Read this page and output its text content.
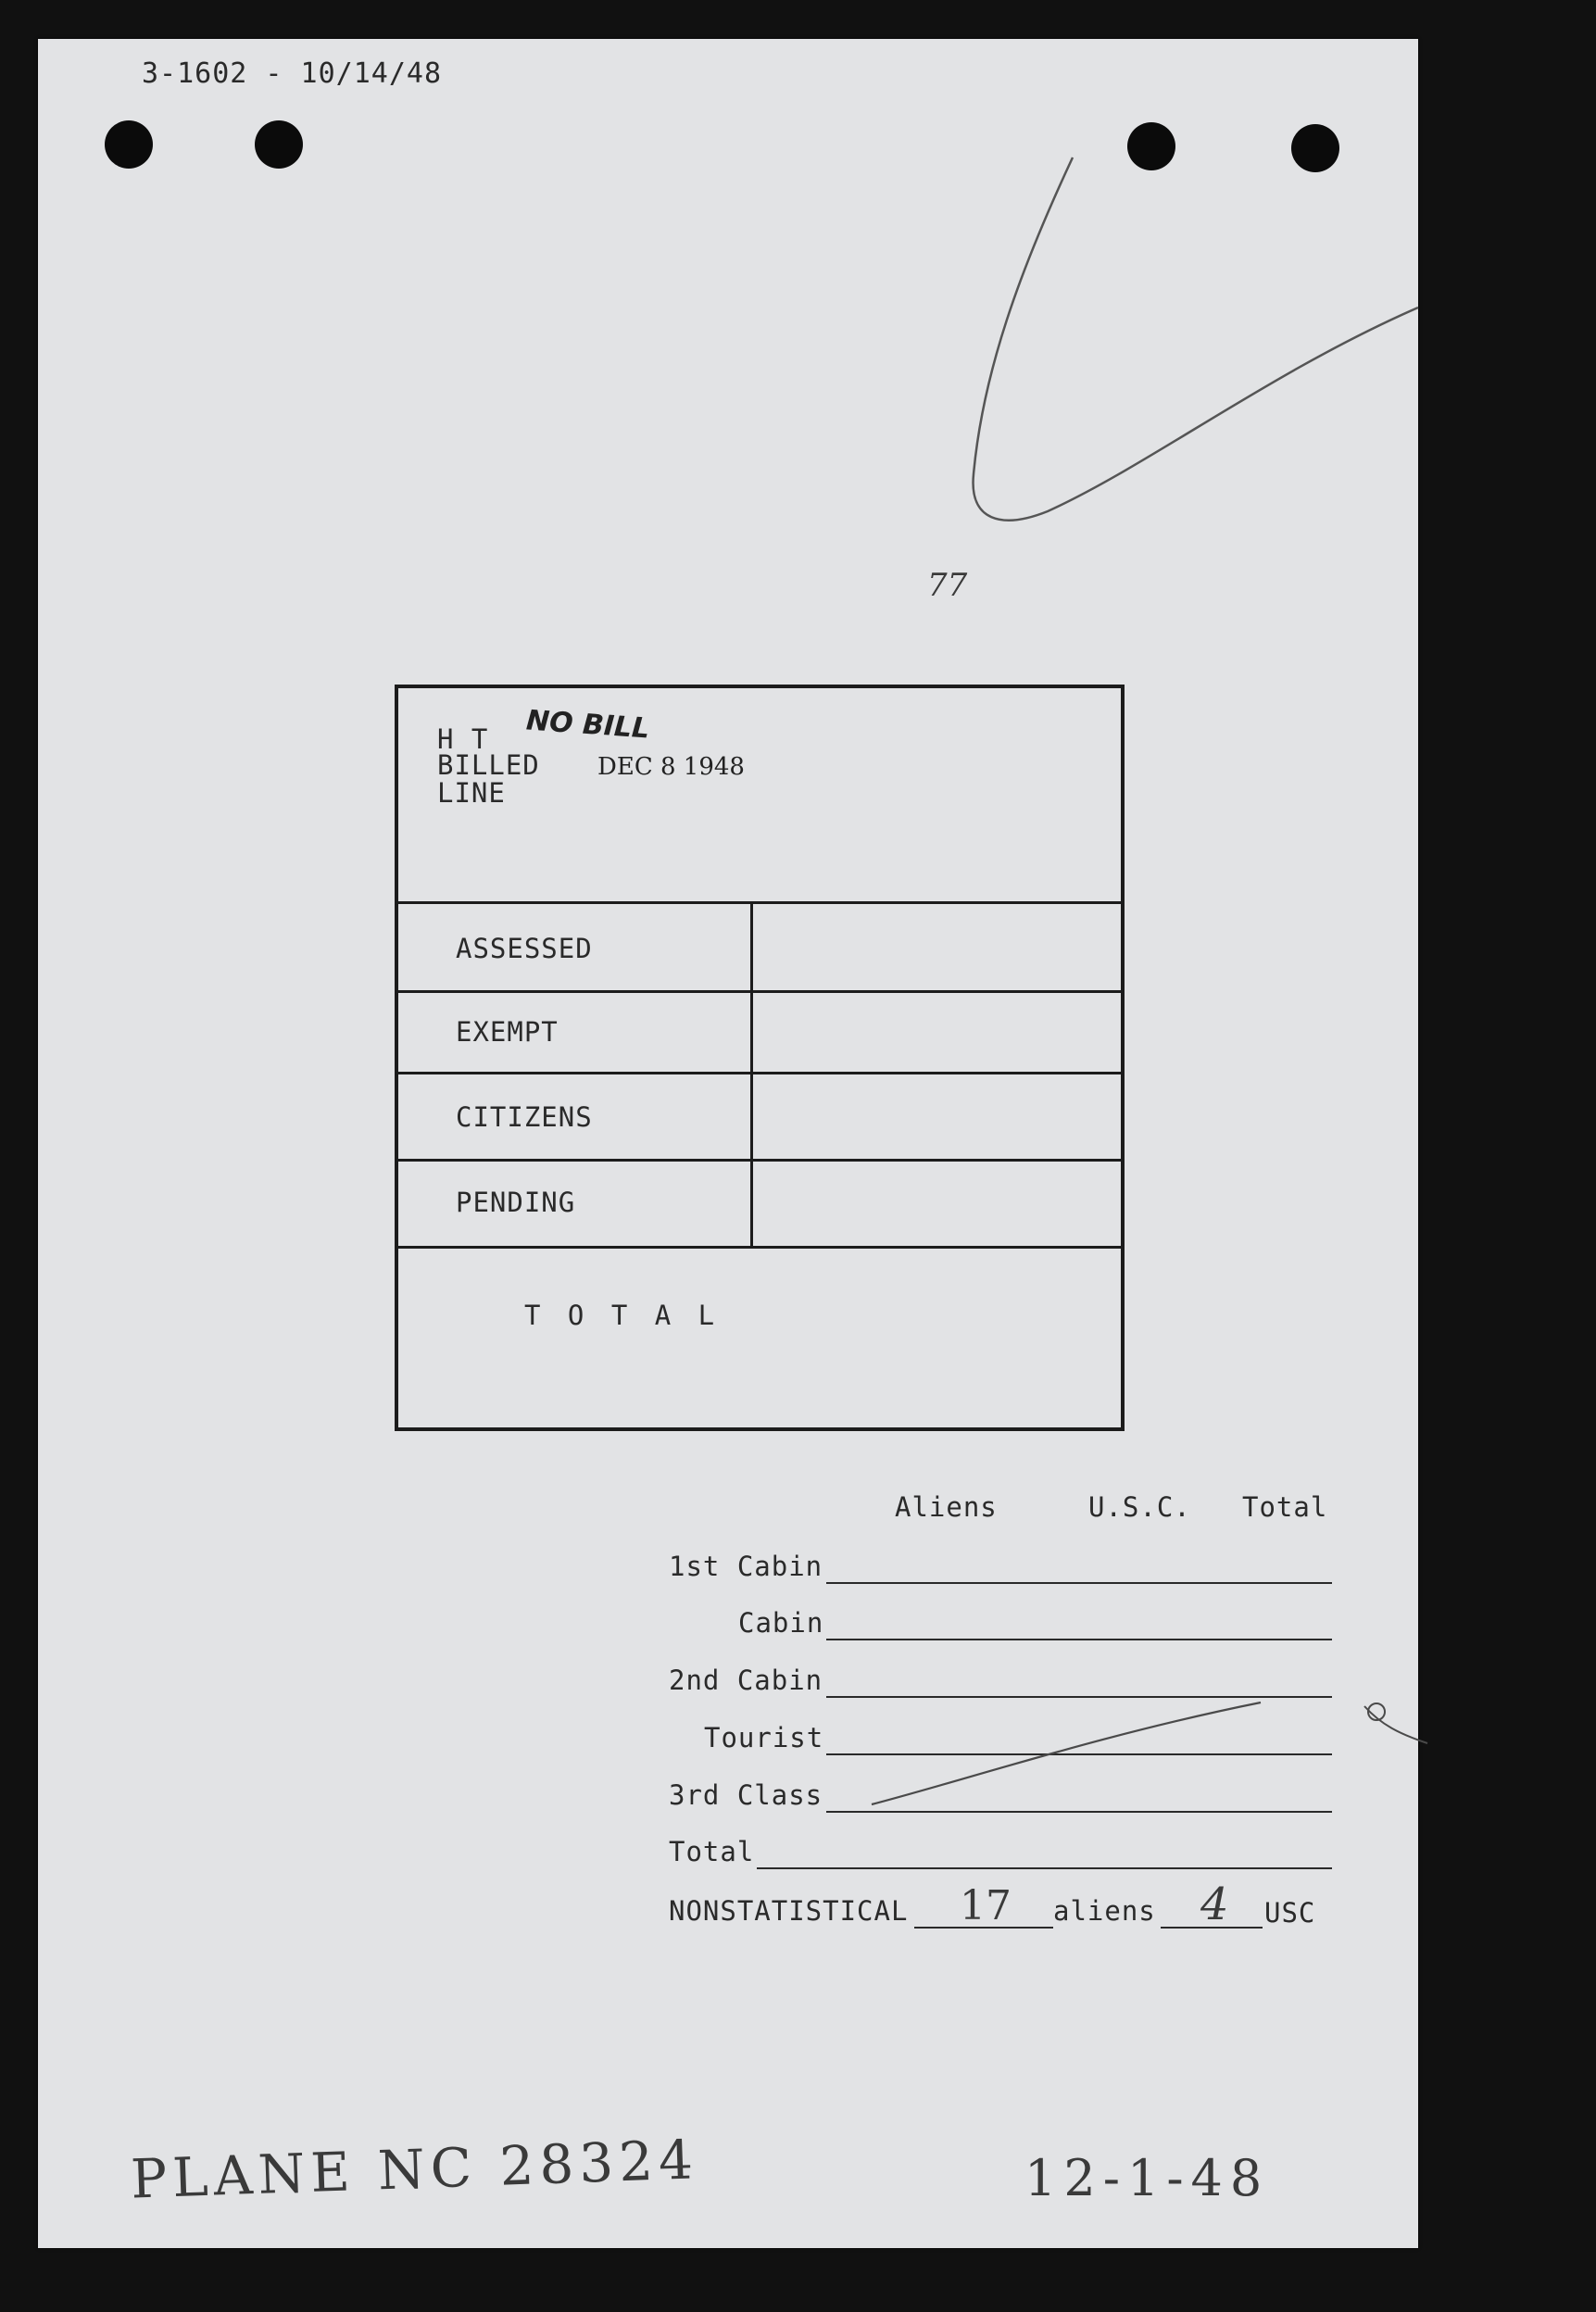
3-1602 - 10/14/48
77
H T
BILLED
LINE
NO BILL
DEC 8 1948
ASSESSED
EXEMPT
CITIZENS
PENDING
T O T A L
Aliens	U.S.C. Total
1st Cabin
Cabin
2nd Cabin
Tourist
3rd Class
Total
NONSTATISTICAL 17 aliens 4 USC
PLANE NC 28324	12-1-48
